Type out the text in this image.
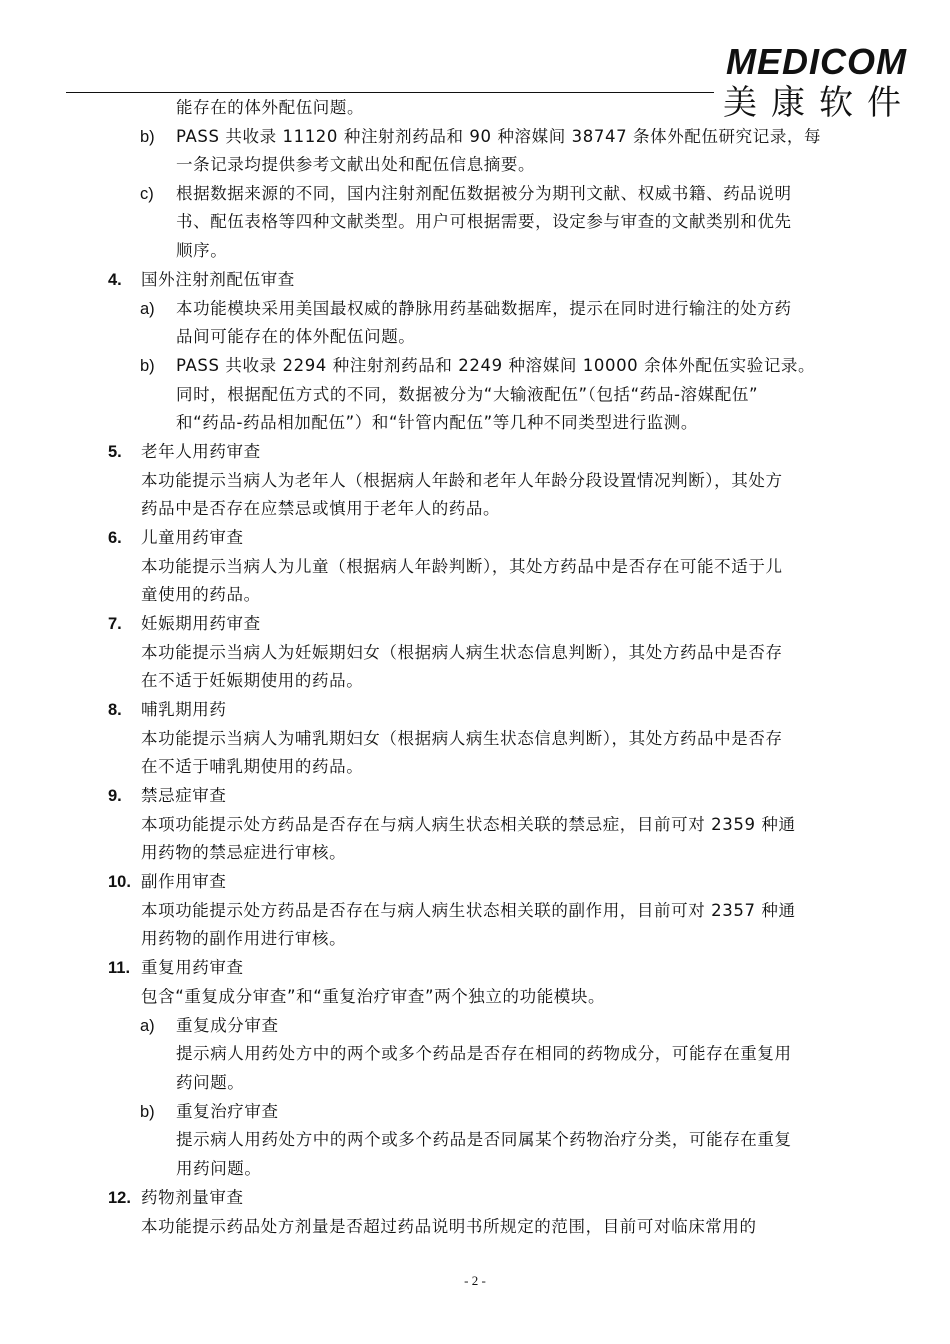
MEDICOM
美康软件
能存在的体外配伍问题。
b) PASS 共收录 11120 种注射剂药品和 90 种溶媒间 38747 条体外配伍研究记录，每
一条记录均提供参考文献出处和配伍信息摘要。
c) 根据数据来源的不同，国内注射剂配伍数据被分为期刊文献、权威书籍、药品说明
书、配伍表格等四种文献类型。用户可根据需要，设定参与审查的文献类别和优先
顺序。
4. 国外注射剂配伍审查
a) 本功能模块采用美国最权威的静脉用药基础数据库，提示在同时进行输注的处方药
品间可能存在的体外配伍问题。
b) PASS 共收录 2294 种注射剂药品和 2249 种溶媒间 10000 余体外配伍实验记录。
同时，根据配伍方式的不同，数据被分为“大输液配伍”（包括“药品-溶媒配伍”
和“药品-药品相加配伍”）和“针管内配伍”等几种不同类型进行监测。
5. 老年人用药审查
本功能提示当病人为老年人（根据病人年龄和老年人年龄分段设置情况判断），其处方
药品中是否存在应禁忌或慎用于老年人的药品。
6. 儿童用药审查
本功能提示当病人为儿童（根据病人年龄判断），其处方药品中是否存在可能不适于儿
童使用的药品。
7. 妊娠期用药审查
本功能提示当病人为妊娠期妇女（根据病人病生状态信息判断），其处方药品中是否存
在不适于妊娠期使用的药品。
8. 哺乳期用药
本功能提示当病人为哺乳期妇女（根据病人病生状态信息判断），其处方药品中是否存
在不适于哺乳期使用的药品。
9. 禁忌症审查
本项功能提示处方药品是否存在与病人病生状态相关联的禁忌症，目前可对 2359 种通
用药物的禁忌症进行审核。
10. 副作用审查
本项功能提示处方药品是否存在与病人病生状态相关联的副作用，目前可对 2357 种通
用药物的副作用进行审核。
11. 重复用药审查
包含“重复成分审查”和“重复治疗审查”两个独立的功能模块。
a) 重复成分审查
提示病人用药处方中的两个或多个药品是否存在相同的药物成分，可能存在重复用
药问题。
b) 重复治疗审查
提示病人用药处方中的两个或多个药品是否同属某个药物治疗分类，可能存在重复
用药问题。
12. 药物剂量审查
本功能提示药品处方剂量是否超过药品说明书所规定的范围，目前可对临床常用的
- 2 -
